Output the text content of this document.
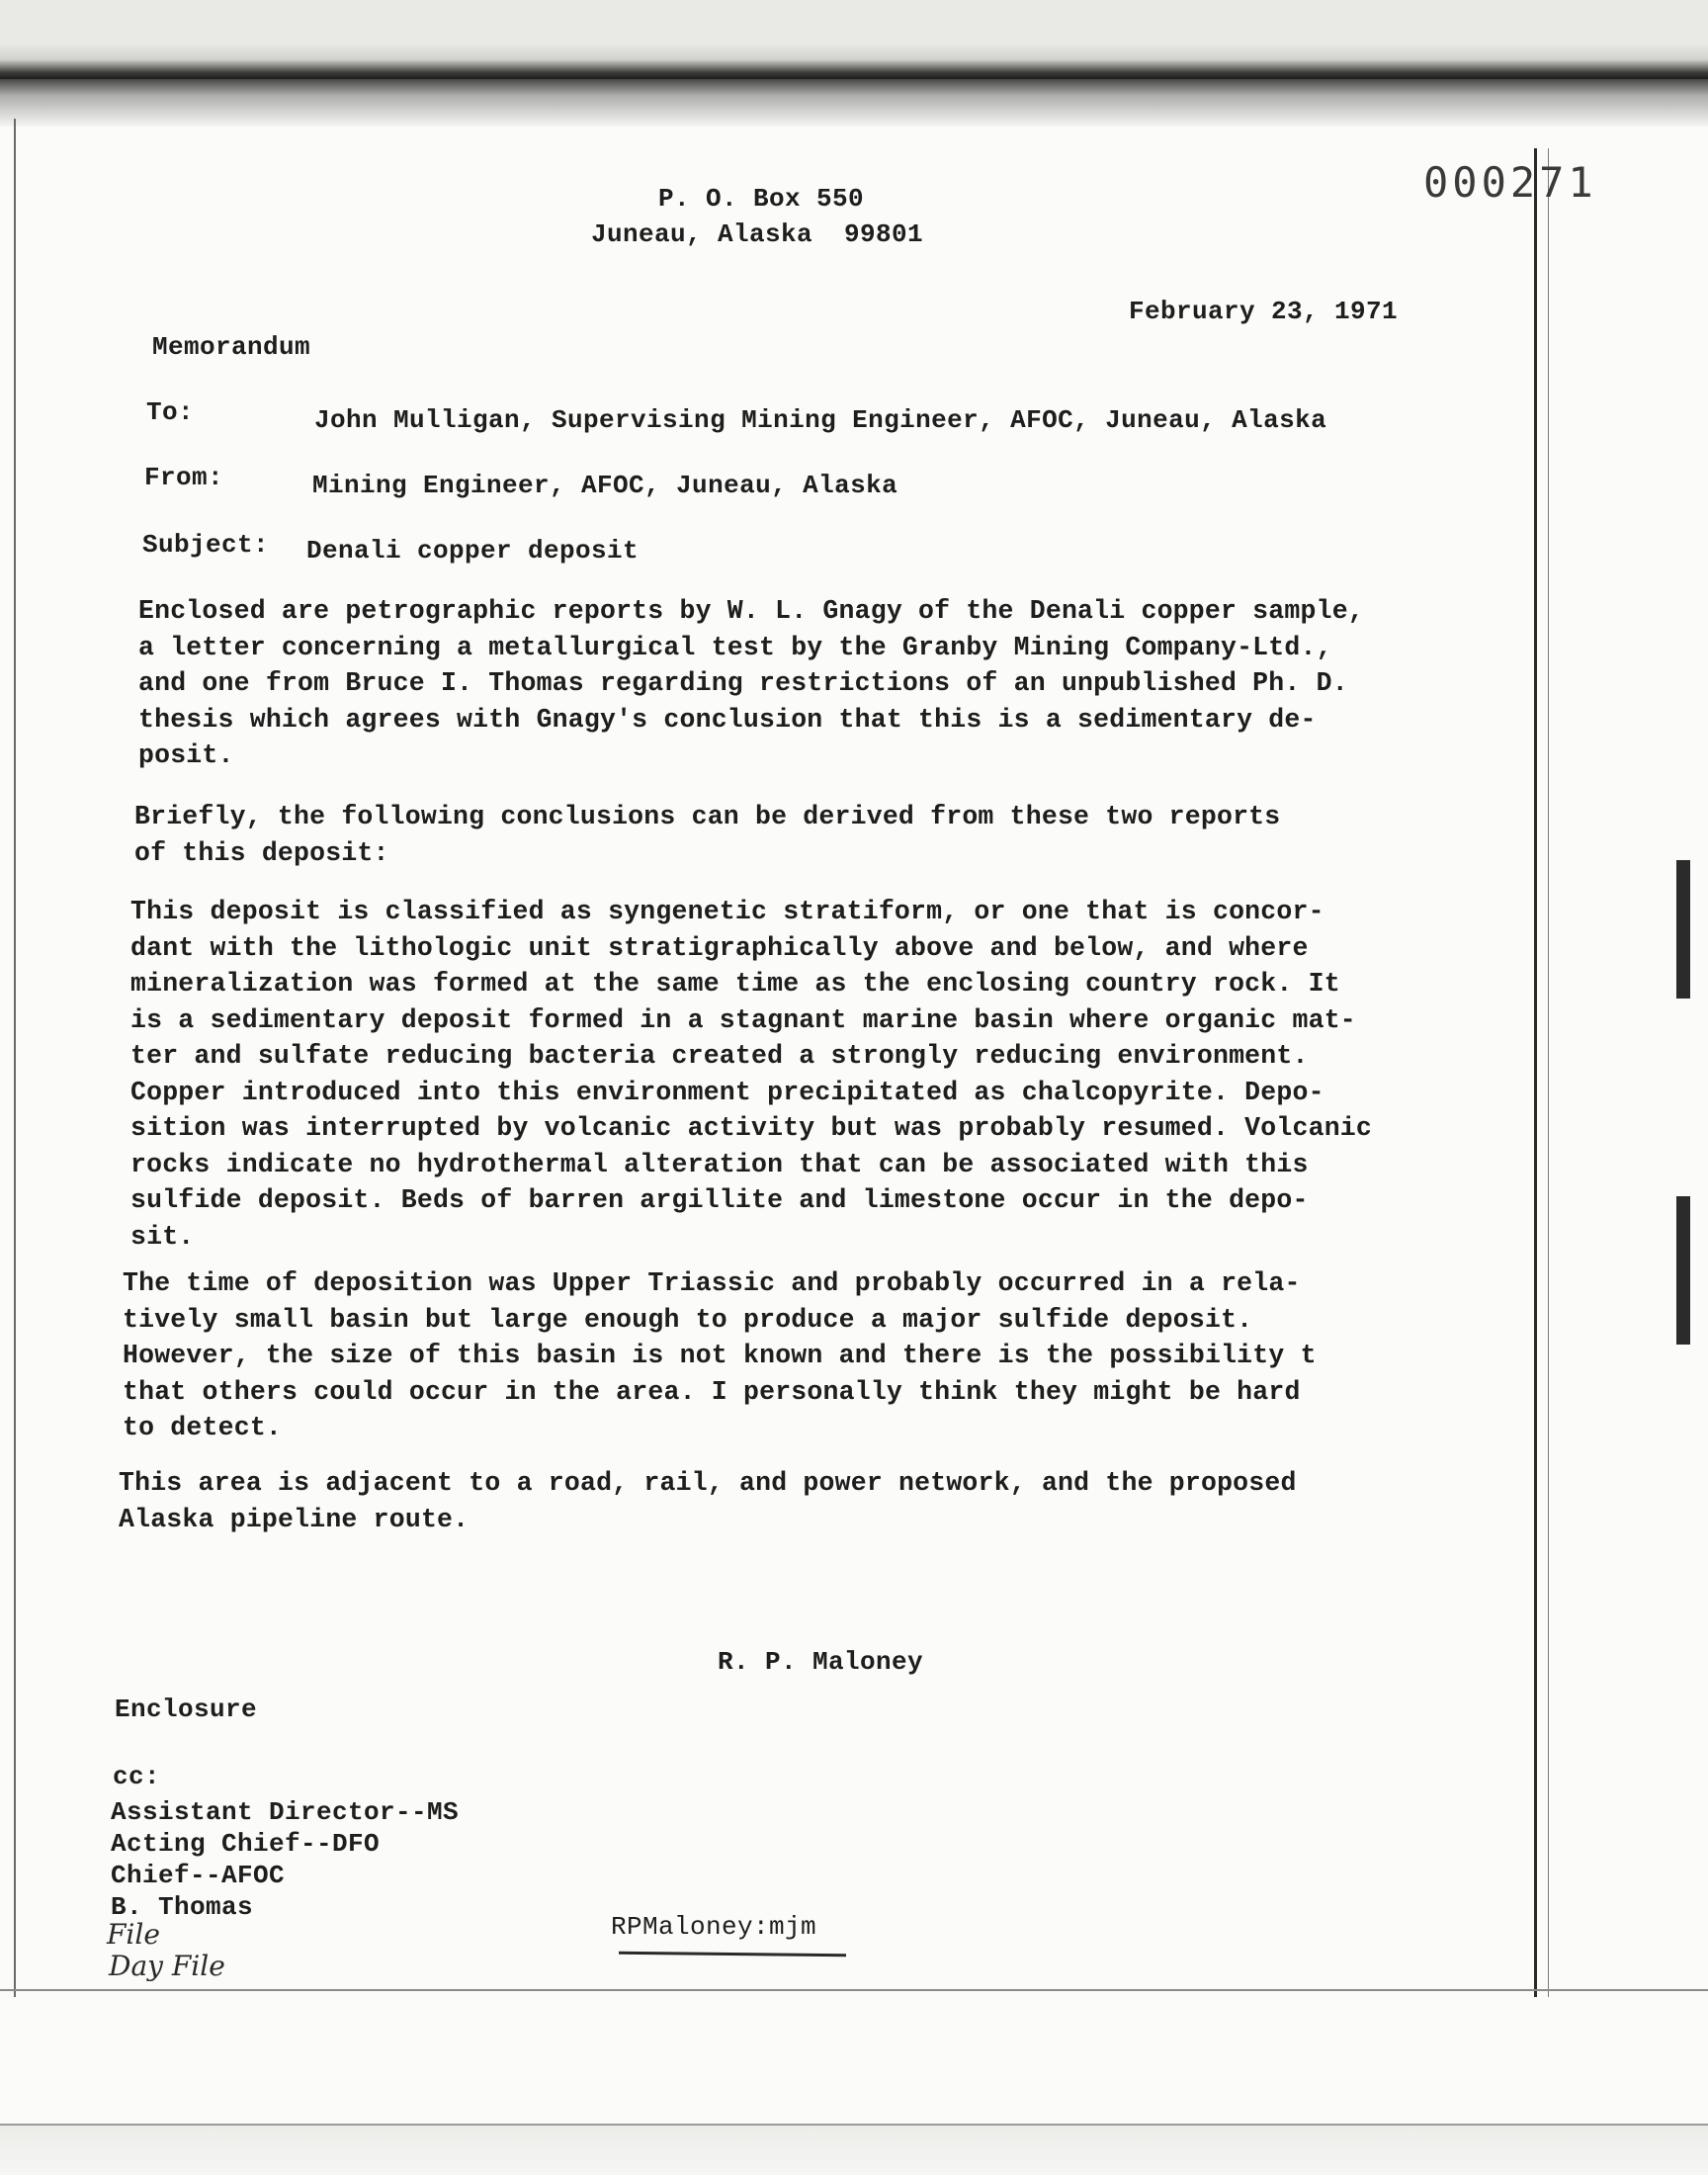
000271
P. O. Box 550
Juneau, Alaska  99801
February 23, 1971
Memorandum
To:	John Mulligan, Supervising Mining Engineer, AFOC, Juneau, Alaska
From:	Mining Engineer, AFOC, Juneau, Alaska
Subject: Denali copper deposit
Enclosed are petrographic reports by W. L. Gnagy of the Denali copper sample,
a letter concerning a metallurgical test by the Granby Mining Company-Ltd.,
and one from Bruce I. Thomas regarding restrictions of an unpublished Ph. D.
thesis which agrees with Gnagy's conclusion that this is a sedimentary de-
posit.
Briefly, the following conclusions can be derived from these two reports
of this deposit:
This deposit is classified as syngenetic stratiform, or one that is concor-
dant with the lithologic unit stratigraphically above and below, and where
mineralization was formed at the same time as the enclosing country rock. It
is a sedimentary deposit formed in a stagnant marine basin where organic mat-
ter and sulfate reducing bacteria created a strongly reducing environment.
Copper introduced into this environment precipitated as chalcopyrite. Depo-
sition was interrupted by volcanic activity but was probably resumed. Volcanic
rocks indicate no hydrothermal alteration that can be associated with this
sulfide deposit. Beds of barren argillite and limestone occur in the depo-
sit.
The time of deposition was Upper Triassic and probably occurred in a rela-
tively small basin but large enough to produce a major sulfide deposit.
However, the size of this basin is not known and there is the possibility t
that others could occur in the area. I personally think they might be hard
to detect.
This area is adjacent to a road, rail, and power network, and the proposed
Alaska pipeline route.
R. P. Maloney
Enclosure
cc:
Assistant Director--MS
Acting Chief--DFO
Chief--AFOC
B. Thomas
File
Day File
RPMaloney:mjm
